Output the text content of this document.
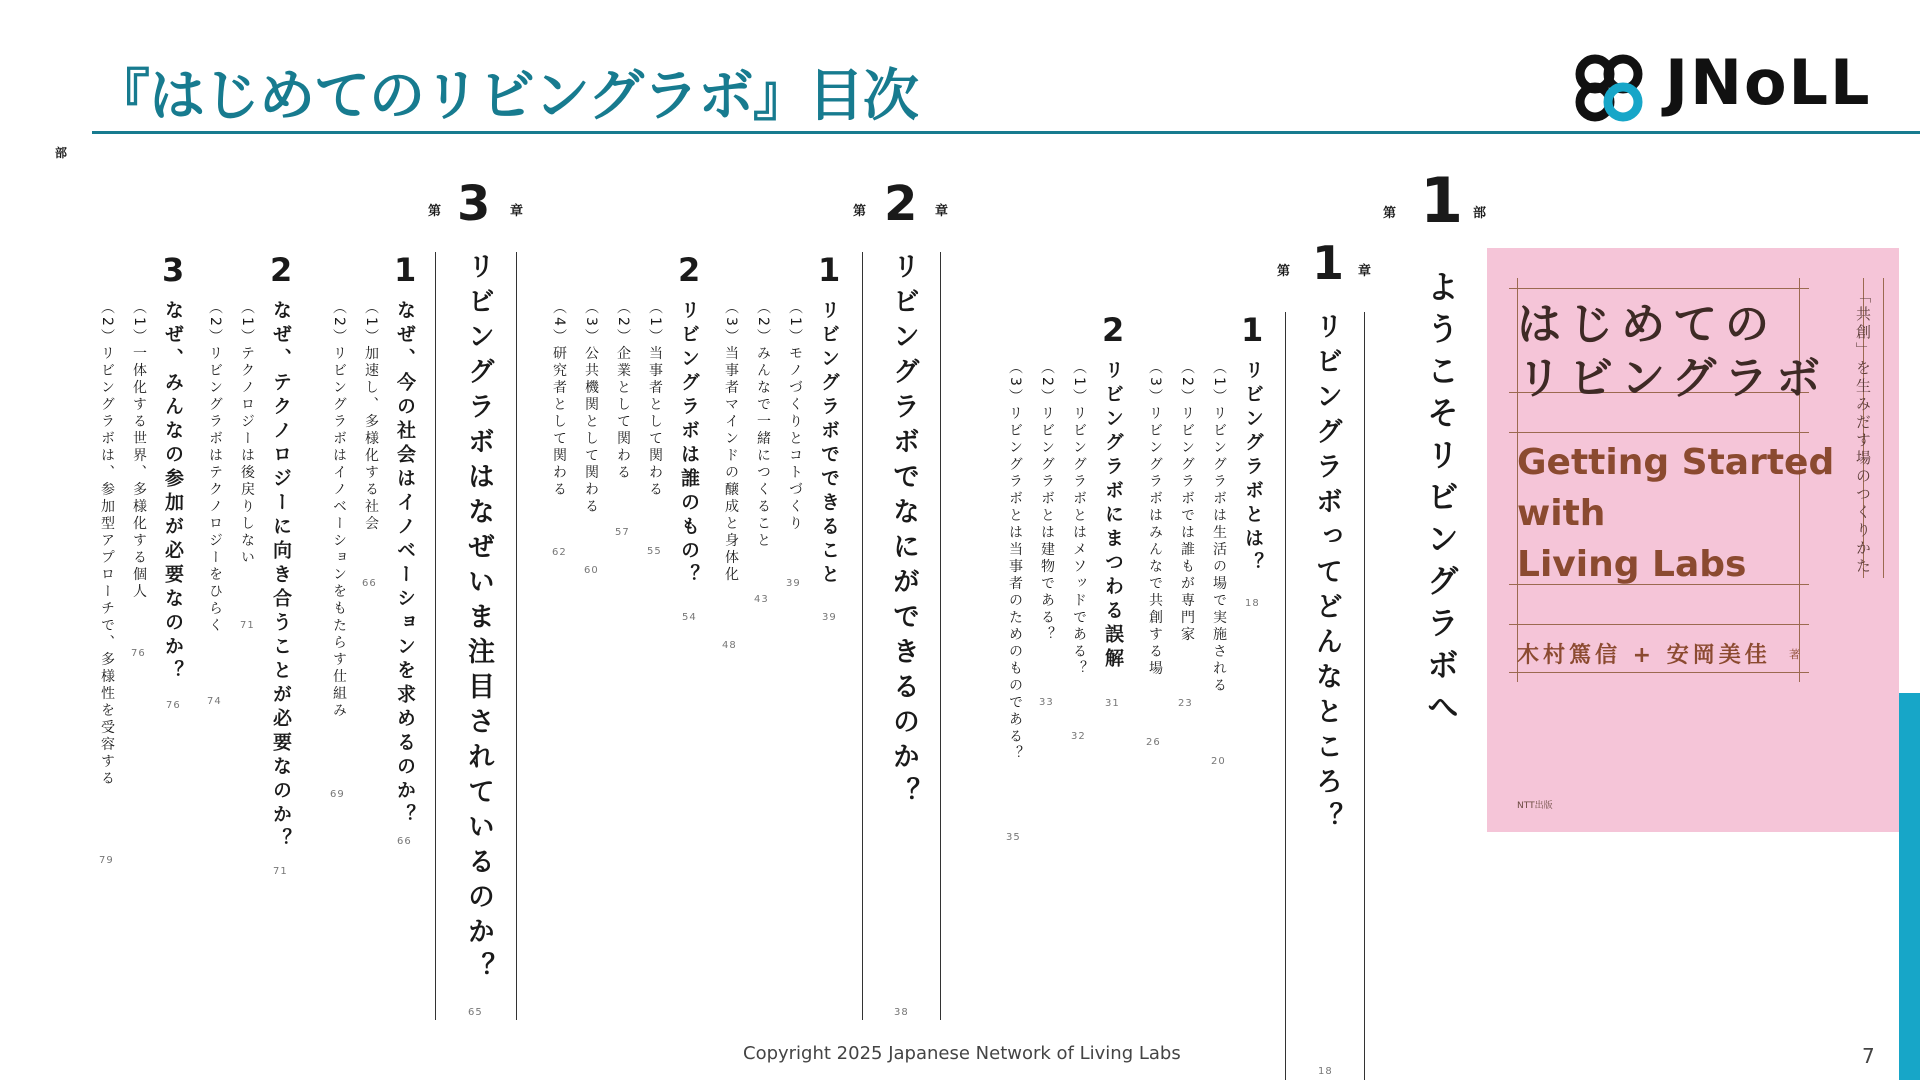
『はじめてのリビングラボ』目次	JNoLL
部
はじめての
リビングラボ
Getting Started
with
Living Labs
木村篤信 + 安岡美佳 著
NTT出版
「共創」を生みだす場のつくりかた
第 1 部
ようこそリビングラボへ
第 1 章
リビングラボってどんなところ？
18
1
リビングラボとは？
18
（1）リビングラボは生活の場で実施される
20
（2）リビングラボでは誰もが専門家
23
（3）リビングラボはみんなで共創する場
26
2
リビングラボにまつわる誤解
31
（1）リビングラボとはメソッドである？
32
（2）リビングラボとは建物である？
33
（3）リビングラボとは当事者のためのものである？
35
第 2 章
リビングラボでなにができるのか？
38
1
リビングラボでできること
39
（1）モノづくりとコトづくり
39
（2）みんなで一緒につくること
43
（3）当事者マインドの醸成と身体化
48
2
リビングラボは誰のもの？
54
（1）当事者として関わる
55
（2）企業として関わる
57
（3）公共機関として関わる
60
（4）研究者として関わる
62
第 3 章
リビングラボはなぜいま注目されているのか？
65
1
なぜ、今の社会はイノベーションを求めるのか？
66
（1）加速し、多様化する社会
66
（2）リビングラボはイノベーションをもたらす仕組み
69
2
なぜ、テクノロジーに向き合うことが必要なのか？
71
（1）テクノロジーは後戻りしない
71
（2）リビングラボはテクノロジーをひらく
74
3
なぜ、みんなの参加が必要なのか？
76
（1）一体化する世界、多様化する個人
76
（2）リビングラボは、参加型アプローチで、多様性を受容する
79
Copyright 2025 Japanese Network of Living Labs	7
